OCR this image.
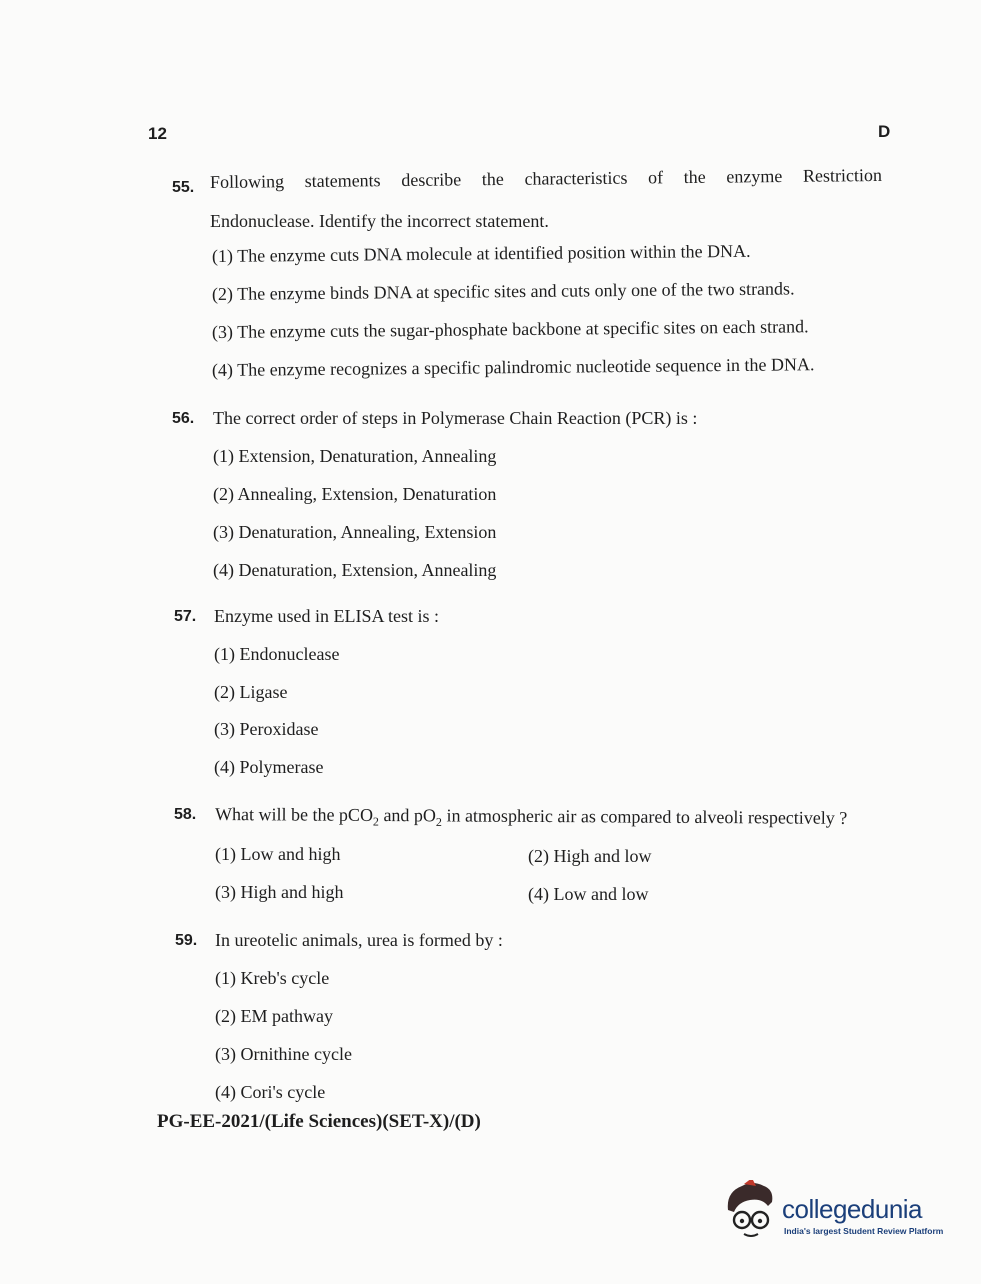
12	D
55. Following statements describe the characteristics of the enzyme Restriction
Endonuclease. Identify the incorrect statement.
(1) The enzyme cuts DNA molecule at identified position within the DNA.
(2) The enzyme binds DNA at specific sites and cuts only one of the two strands.
(3) The enzyme cuts the sugar-phosphate backbone at specific sites on each strand.
(4) The enzyme recognizes a specific palindromic nucleotide sequence in the DNA.
56. The correct order of steps in Polymerase Chain Reaction (PCR) is :
(1) Extension, Denaturation, Annealing
(2) Annealing, Extension, Denaturation
(3) Denaturation, Annealing, Extension
(4) Denaturation, Extension, Annealing
57. Enzyme used in ELISA test is :
(1) Endonuclease
(2) Ligase
(3) Peroxidase
(4) Polymerase
58. What will be the pCO$_2$ and $pO_2$ in atmospheric air as compared to alveoli respectively ?
(1) Low and high	(2) High and low
(3) High and high	(4) Low and low
59. In ureotelic animals, urea is formed by :
(1) Kreb's cycle
(2) EM pathway
(3) Ornithine cycle
(4) Cori's cycle
PG-EE-2021/(Life Sciences)(SET-X)/(D)
collegedunia
India's largest Student Review Platform
